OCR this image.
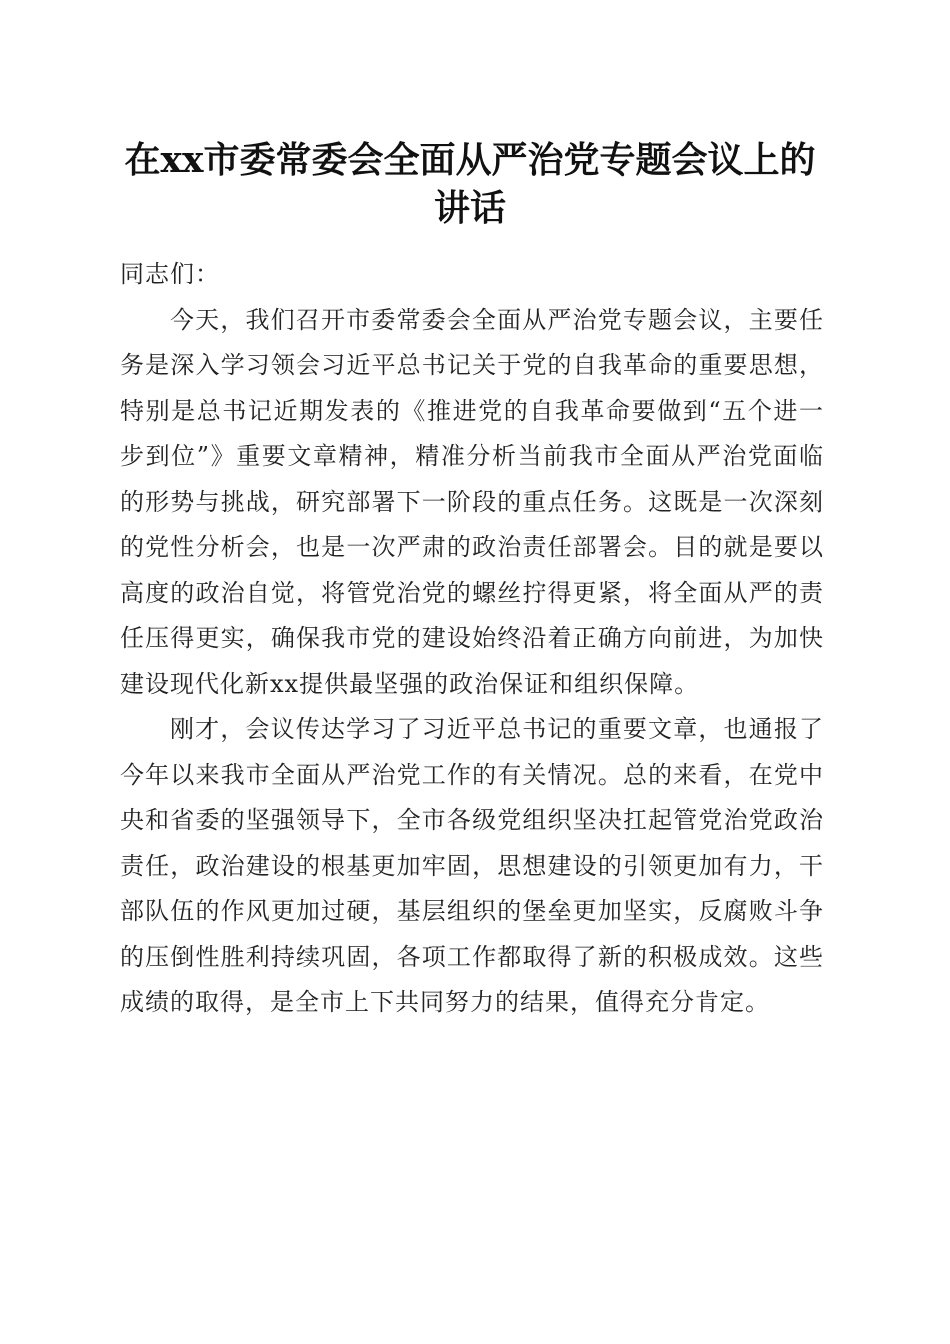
在xx市委常委会全面从严治党专题会议上的
讲话

同志们：

今天，我们召开市委常委会全面从严治党专题会议，主要任务是深入学习领会习近平总书记关于党的自我革命的重要思想，特别是总书记近期发表的《推进党的自我革命要做到“五个进一步到位”》重要文章精神，精准分析当前我市全面从严治党面临的形势与挑战，研究部署下一阶段的重点任务。这既是一次深刻的党性分析会，也是一次严肃的政治责任部署会。目的就是要以高度的政治自觉，将管党治党的螺丝拧得更紧，将全面从严的责任压得更实，确保我市党的建设始终沿着正确方向前进，为加快建设现代化新xx提供最坚强的政治保证和组织保障。

刚才，会议传达学习了习近平总书记的重要文章，也通报了今年以来我市全面从严治党工作的有关情况。总的来看，在党中央和省委的坚强领导下，全市各级党组织坚决扛起管党治党政治责任，政治建设的根基更加牢固，思想建设的引领更加有力，干部队伍的作风更加过硬，基层组织的堡垒更加坚实，反腐败斗争的压倒性胜利持续巩固，各项工作都取得了新的积极成效。这些成绩的取得，是全市上下共同努力的结果，值得充分肯定。
